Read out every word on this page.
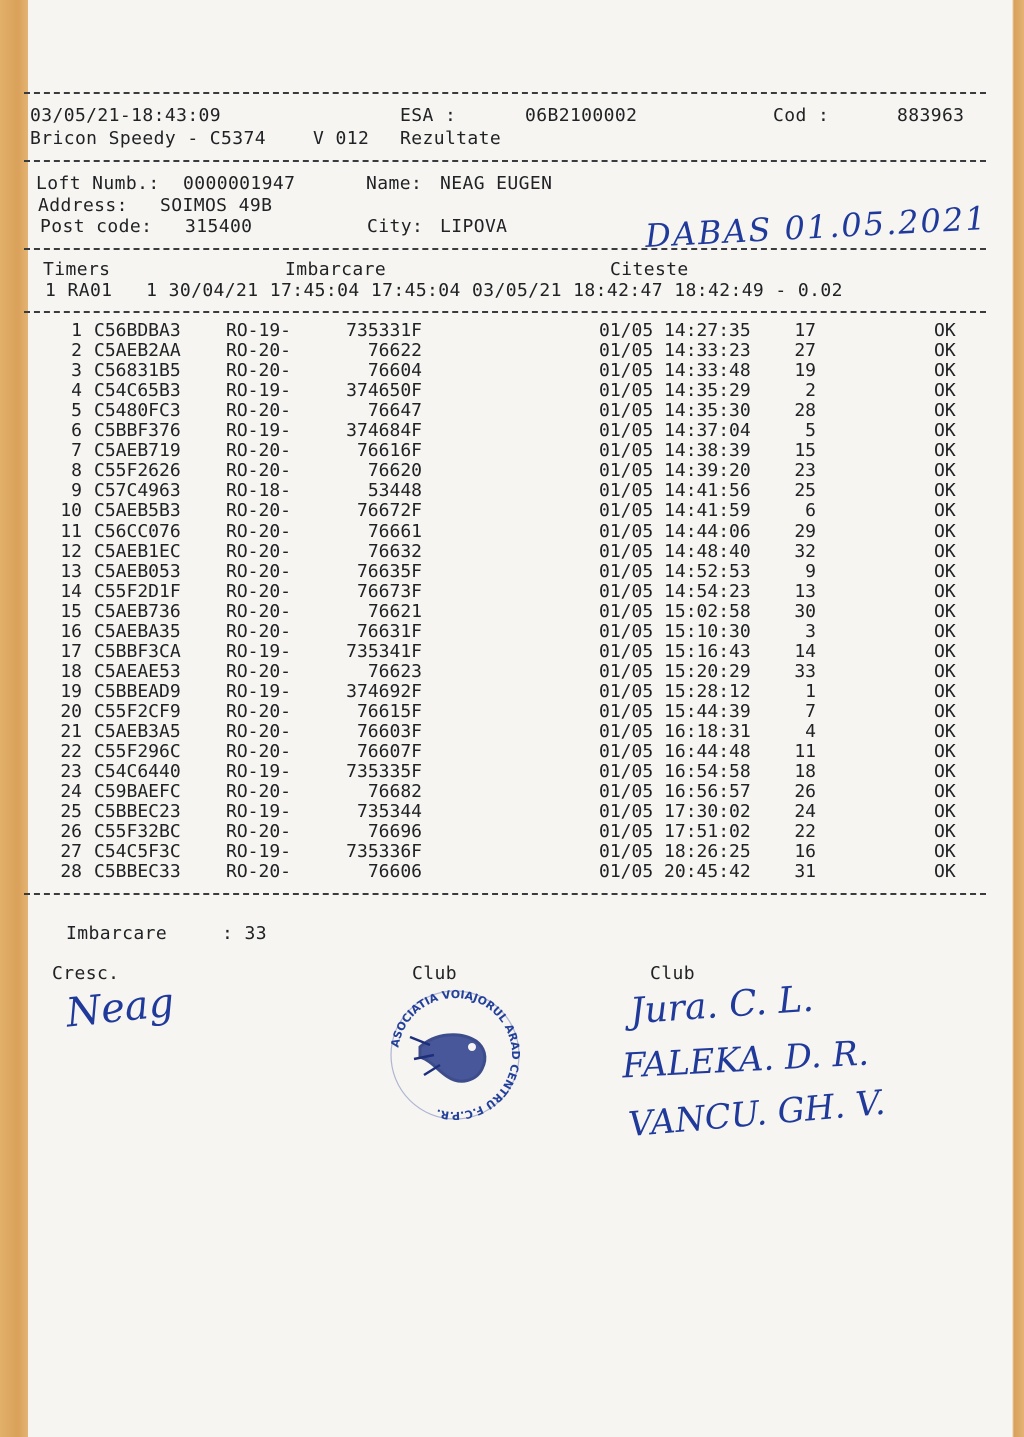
03/05/21-18:43:09	ESA :	06B2100002	Cod :	883963
Bricon Speedy - C5374	V 012 Rezultate
Loft Numb.: 0000001947	Name: NEAG EUGEN
Address: SOIMOS 49B
Post code: 315400	City: LIPOVA	DABAS 01.05.2021
Timers	Imbarcare	Citeste
1 RA01   1 30/04/21 17:45:04 17:45:04 03/05/21 18:42:47 18:42:49 - 0.02
1 C56BDBA3	RO-19-	735331F	01/05 14:27:35	17	OK
2 C5AEB2AA	RO-20-	76622	01/05 14:33:23	27	OK
3 C56831B5	RO-20-	76604	01/05 14:33:48	19	OK
4 C54C65B3	RO-19-	374650F	01/05 14:35:29	2	OK
5 C5480FC3	RO-20-	76647	01/05 14:35:30	28	OK
6 C5BBF376	RO-19-	374684F	01/05 14:37:04	5	OK
7 C5AEB719	RO-20-	76616F	01/05 14:38:39	15	OK
8 C55F2626	RO-20-	76620	01/05 14:39:20	23	OK
9 C57C4963	RO-18-	53448	01/05 14:41:56	25	OK
10 C5AEB5B3	RO-20-	76672F	01/05 14:41:59	6	OK
11 C56CC076	RO-20-	76661	01/05 14:44:06	29	OK
12 C5AEB1EC	RO-20-	76632	01/05 14:48:40	32	OK
13 C5AEB053	RO-20-	76635F	01/05 14:52:53	9	OK
14 C55F2D1F	RO-20-	76673F	01/05 14:54:23	13	OK
15 C5AEB736	RO-20-	76621	01/05 15:02:58	30	OK
16 C5AEBA35	RO-20-	76631F	01/05 15:10:30	3	OK
17 C5BBF3CA	RO-19-	735341F	01/05 15:16:43	14	OK
18 C5AEAE53	RO-20-	76623	01/05 15:20:29	33	OK
19 C5BBEAD9	RO-19-	374692F	01/05 15:28:12	1	OK
20 C55F2CF9	RO-20-	76615F	01/05 15:44:39	7	OK
21 C5AEB3A5	RO-20-	76603F	01/05 16:18:31	4	OK
22 C55F296C	RO-20-	76607F	01/05 16:44:48	11	OK
23 C54C6440	RO-19-	735335F	01/05 16:54:58	18	OK
24 C59BAEFC	RO-20-	76682	01/05 16:56:57	26	OK
25 C5BBEC23	RO-19-	735344	01/05 17:30:02	24	OK
26 C55F32BC	RO-20-	76696	01/05 17:51:02	22	OK
27 C54C5F3C	RO-19-	735336F	01/05 18:26:25	16	OK
28 C5BBEC33	RO-20-	76606	01/05 20:45:42	31	OK
Imbarcare	: 33
Cresc.	Club	Club
Neag
ASOCIATIA VOIAJORUL ARAD CENTRU F.C.P.R.
Jura. C. L.
FALEKA. D. R.
VANCU. GH. V.
